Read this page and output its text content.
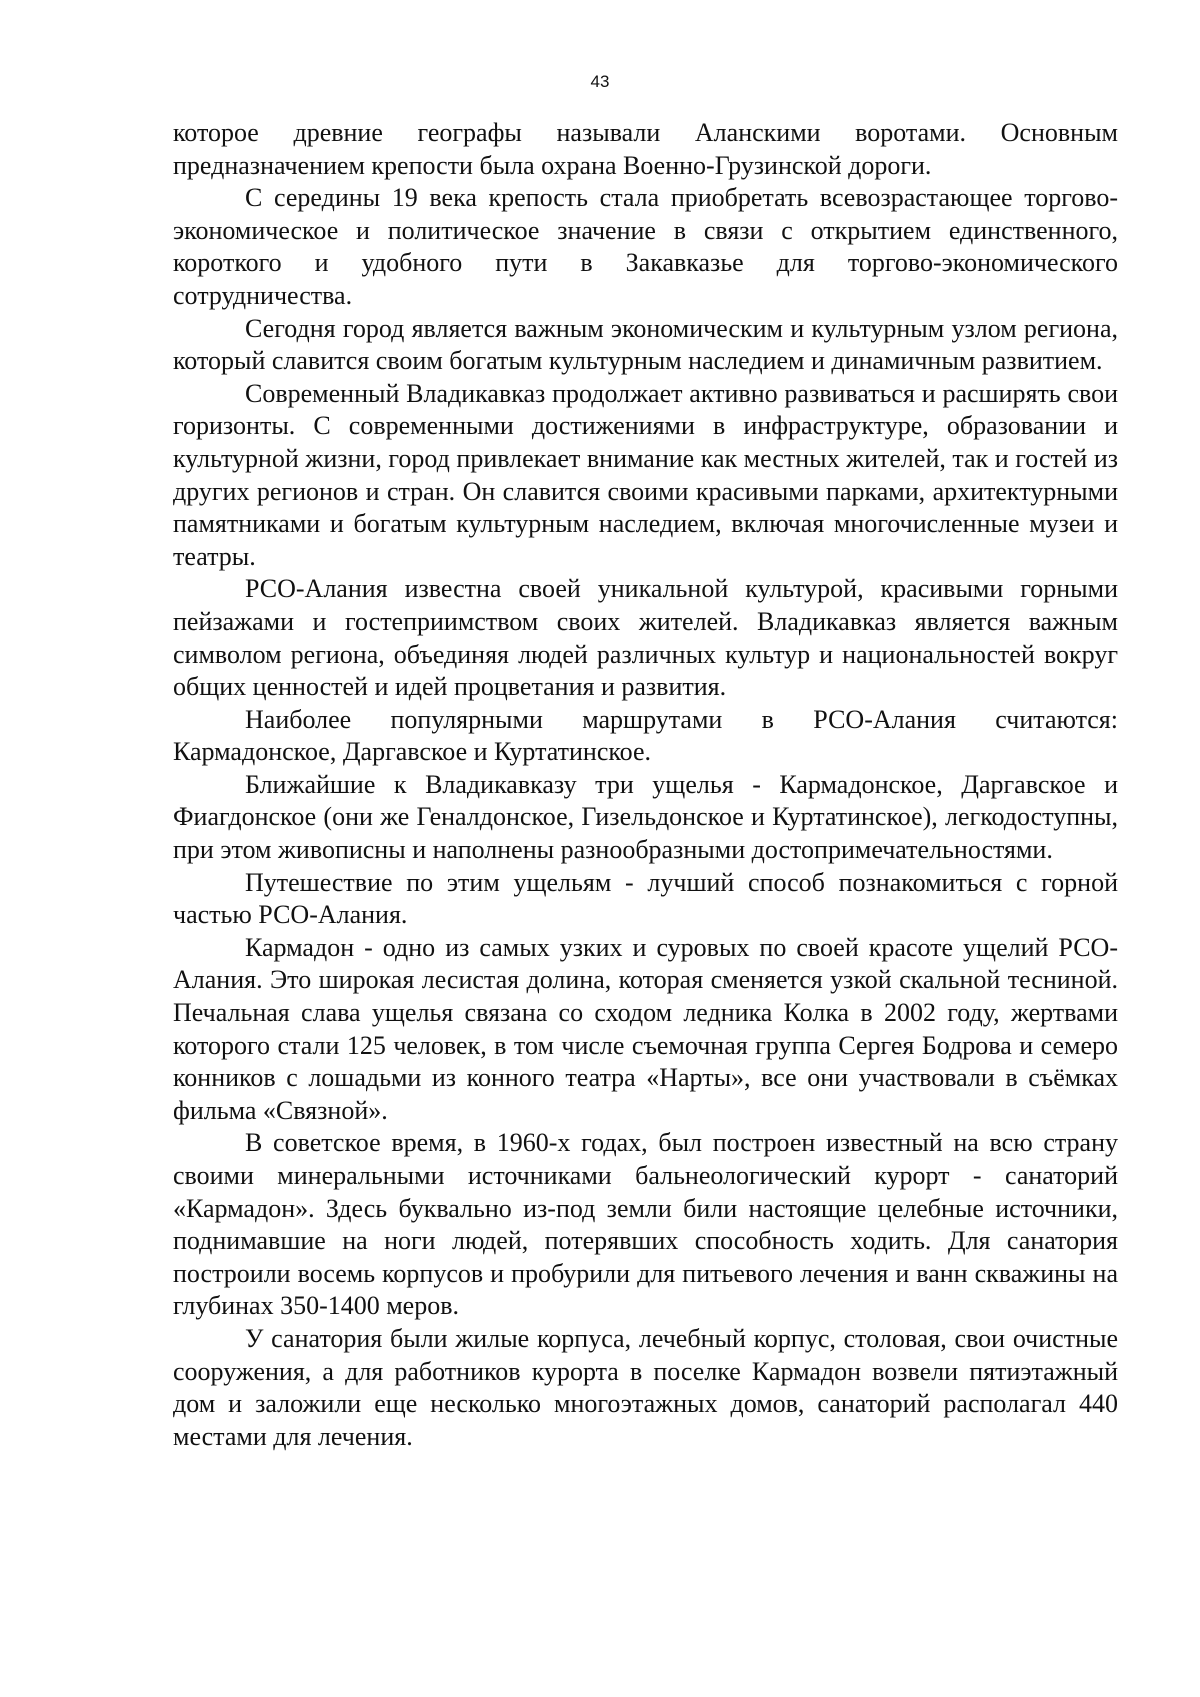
43

которое древние географы называли Аланскими воротами. Основным предназначением крепости была охрана Военно-Грузинской дороги.

С середины 19 века крепость стала приобретать всевозрастающее торгово-экономическое и политическое значение в связи с открытием единственного, короткого и удобного пути в Закавказье для торгово-экономического сотрудничества.

Сегодня город является важным экономическим и культурным узлом региона, который славится своим богатым культурным наследием и динамичным развитием.

Современный Владикавказ продолжает активно развиваться и расширять свои горизонты. С современными достижениями в инфраструктуре, образовании и культурной жизни, город привлекает внимание как местных жителей, так и гостей из других регионов и стран. Он славится своими красивыми парками, архитектурными памятниками и богатым культурным наследием, включая многочисленные музеи и театры.

РСО-Алания известна своей уникальной культурой, красивыми горными пейзажами и гостеприимством своих жителей. Владикавказ является важным символом региона, объединяя людей различных культур и национальностей вокруг общих ценностей и идей процветания и развития.

Наиболее популярными маршрутами в РСО-Алания считаются: Кармадонское, Даргавское и Куртатинское.

Ближайшие к Владикавказу три ущелья - Кармадонское, Даргавское и Фиагдонское (они же Геналдонское, Гизельдонское и Куртатинское), легкодоступны, при этом живописны и наполнены разнообразными достопримечательностями.

Путешествие по этим ущельям - лучший способ познакомиться с горной частью РСО-Алания.

Кармадон - одно из самых узких и суровых по своей красоте ущелий РСО-Алания. Это широкая лесистая долина, которая сменяется узкой скальной тесниной. Печальная слава ущелья связана со сходом ледника Колка в 2002 году, жертвами которого стали 125 человек, в том числе съемочная группа Сергея Бодрова и семеро конников с лошадьми из конного театра «Нарты», все они участвовали в съёмках фильма «Связной».

В советское время, в 1960-х годах, был построен известный на всю страну своими минеральными источниками бальнеологический курорт - санаторий «Кармадон». Здесь буквально из-под земли били настоящие целебные источники, поднимавшие на ноги людей, потерявших способность ходить. Для санатория построили восемь корпусов и пробурили для питьевого лечения и ванн скважины на глубинах 350-1400 меров.

У санатория были жилые корпуса, лечебный корпус, столовая, свои очистные сооружения, а для работников курорта в поселке Кармадон возвели пятиэтажный дом и заложили еще несколько многоэтажных домов, санаторий располагал 440 местами для лечения.
